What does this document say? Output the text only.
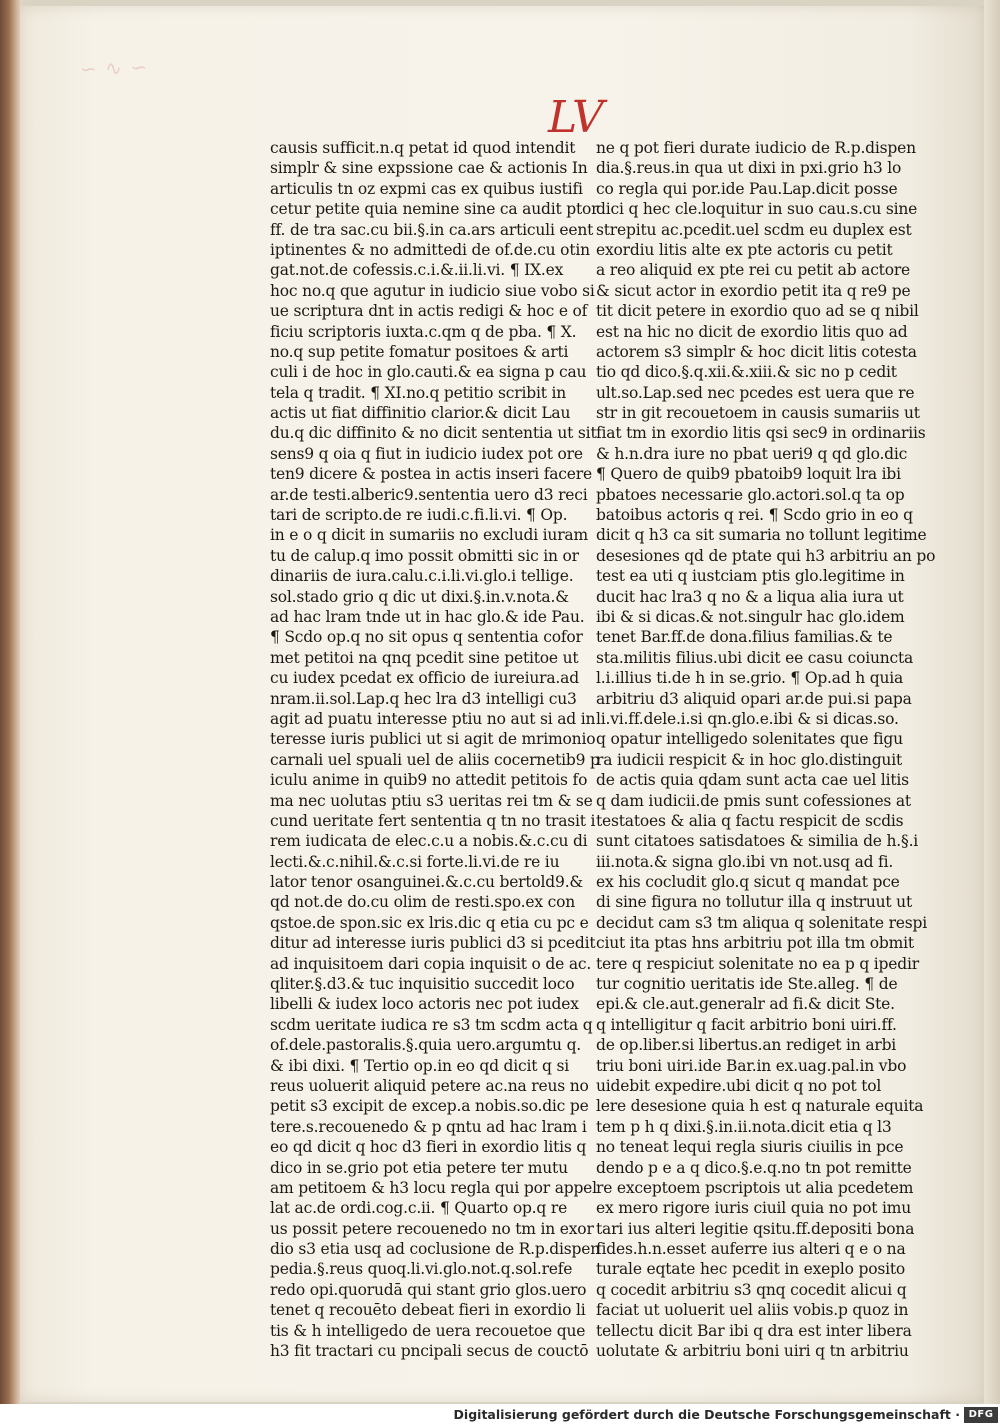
∽ ∿ ∽
LV
causis sufficit.n.q petat id quod intendit
simplr & sine expssione cae & actionis In
articulis tn oz expmi cas ex quibus iustifi
cetur petite quia nemine sine ca audit ptor
ff. de tra sac.cu bii.§.in ca.ars articuli eent
iptinentes & no admittedi de of.de.cu otin
gat.not.de cofessis.c.i.&.ii.li.vi. ¶ IX.ex
hoc no.q que agutur in iudicio siue vobo si
ue scriptura dnt in actis redigi & hoc e of
ficiu scriptoris iuxta.c.qm q de pba. ¶ X.
no.q sup petite fomatur positoes & arti
culi i de hoc in glo.cauti.& ea signa p cau
tela q tradit. ¶ XI.no.q petitio scribit in
actis ut fiat diffinitio clarior.& dicit Lau
du.q dic diffinito & no dicit sententia ut sit
sens9 q oia q fiut in iudicio iudex pot ore
ten9 dicere & postea in actis inseri facere
ar.de testi.alberic9.sententia uero d3 reci
tari de scripto.de re iudi.c.fi.li.vi. ¶ Op.
in e o q dicit in sumariis no excludi iuram
tu de calup.q imo possit obmitti sic in or
dinariis de iura.calu.c.i.li.vi.glo.i tellige.
sol.stado grio q dic ut dixi.§.in.v.nota.&
ad hac lram tnde ut in hac glo.& ide Pau.
¶ Scdo op.q no sit opus q sententia cofor
met petitoi na qnq pcedit sine petitoe ut
cu iudex pcedat ex officio de iureiura.ad
nram.ii.sol.Lap.q hec lra d3 intelligi cu3
agit ad puatu interesse ptiu no aut si ad in
teresse iuris publici ut si agit de mrimonio
carnali uel spuali uel de aliis cocernetib9 p
iculu anime in quib9 no attedit petitois fo
ma nec uolutas ptiu s3 ueritas rei tm & se
cund ueritate fert sententia q tn no trasit i
rem iudicata de elec.c.u a nobis.&.c.cu di
lecti.&.c.nihil.&.c.si forte.li.vi.de re iu
lator tenor osanguinei.&.c.cu bertold9.&
qd not.de do.cu olim de resti.spo.ex con
qstoe.de spon.sic ex lris.dic q etia cu pc e
ditur ad interesse iuris publici d3 si pcedit
ad inquisitoem dari copia inquisit o de ac.
qliter.§.d3.& tuc inquisitio succedit loco
libelli & iudex loco actoris nec pot iudex
scdm ueritate iudica re s3 tm scdm acta q
of.dele.pastoralis.§.quia uero.argumtu q.
& ibi dixi. ¶ Tertio op.in eo qd dicit q si
reus uoluerit aliquid petere ac.na reus no
petit s3 excipit de excep.a nobis.so.dic pe
tere.s.recouenedo & p qntu ad hac lram i
eo qd dicit q hoc d3 fieri in exordio litis q
dico in se.grio pot etia petere ter mutu
am petitoem & h3 locu regla qui por appel
lat ac.de ordi.cog.c.ii. ¶ Quarto op.q re
us possit petere recouenedo no tm in exor
dio s3 etia usq ad coclusione de R.p.dispen
pedia.§.reus quoq.li.vi.glo.not.q.sol.refe
redo opi.quorudā qui stant grio glos.uero
tenet q recouēto debeat fieri in exordio li
tis & h intelligedo de uera recouetoe que
h3 fit tractari cu pncipali secus de couctō
ne q pot fieri durate iudicio de R.p.dispen
dia.§.reus.in qua ut dixi in pxi.grio h3 lo
co regla qui por.ide Pau.Lap.dicit posse
dici q hec cle.loquitur in suo cau.s.cu sine
strepitu ac.pcedit.uel scdm eu duplex est
exordiu litis alte ex pte actoris cu petit
a reo aliquid ex pte rei cu petit ab actore
& sicut actor in exordio petit ita q re9 pe
tit dicit petere in exordio quo ad se q nibil
est na hic no dicit de exordio litis quo ad
actorem s3 simplr & hoc dicit litis cotesta
tio qd dico.§.q.xii.&.xiii.& sic no p cedit
ult.so.Lap.sed nec pcedes est uera que re
str in git recouetoem in causis sumariis ut
fiat tm in exordio litis qsi sec9 in ordinariis
& h.n.dra iure no pbat ueri9 q qd glo.dic
¶ Quero de quib9 pbatoib9 loquit lra ibi
pbatoes necessarie glo.actori.sol.q ta op
batoibus actoris q rei. ¶ Scdo grio in eo q
dicit q h3 ca sit sumaria no tollunt legitime
desesiones qd de ptate qui h3 arbitriu an po
test ea uti q iustciam ptis glo.legitime in
ducit hac lra3 q no & a liqua alia iura ut
ibi & si dicas.& not.singulr hac glo.idem
tenet Bar.ff.de dona.filius familias.& te
sta.militis filius.ubi dicit ee casu coiuncta
l.i.illius ti.de h in se.grio. ¶ Op.ad h quia
arbitriu d3 aliquid opari ar.de pui.si papa
li.vi.ff.dele.i.si qn.glo.e.ibi & si dicas.so.
q opatur intelligedo solenitates que figu
ra iudicii respicit & in hoc glo.distinguit
de actis quia qdam sunt acta cae uel litis
q dam iudicii.de pmis sunt cofessiones at
testatoes & alia q factu respicit de scdis
sunt citatoes satisdatoes & similia de h.§.i
iii.nota.& signa glo.ibi vn not.usq ad fi.
ex his cocludit glo.q sicut q mandat pce
di sine figura no tollutur illa q instruut ut
decidut cam s3 tm aliqua q solenitate respi
ciut ita ptas hns arbitriu pot illa tm obmit
tere q respiciut solenitate no ea p q ipedir
tur cognitio ueritatis ide Ste.alleg. ¶ de
epi.& cle.aut.generalr ad fi.& dicit Ste.
q intelligitur q facit arbitrio boni uiri.ff.
de op.liber.si libertus.an rediget in arbi
triu boni uiri.ide Bar.in ex.uag.pal.in vbo
uidebit expedire.ubi dicit q no pot tol
lere desesione quia h est q naturale equita
tem p h q dixi.§.in.ii.nota.dicit etia q l3
no teneat lequi regla siuris ciuilis in pce
dendo p e a q dico.§.e.q.no tn pot remitte
re exceptoem pscriptois ut alia pcedetem
ex mero rigore iuris ciuil quia no pot imu
tari ius alteri legitie qsitu.ff.depositi bona
fides.h.n.esset auferre ius alteri q e o na
turale eqtate hec pcedit in exeplo posito
q cocedit arbitriu s3 qnq cocedit alicui q
faciat ut uoluerit uel aliis vobis.p quoz in
tellectu dicit Bar ibi q dra est inter libera
uolutate & arbitriu boni uiri q tn arbitriu
Digitalisierung gefördert durch die Deutsche Forschungsgemeinschaft · DFG
